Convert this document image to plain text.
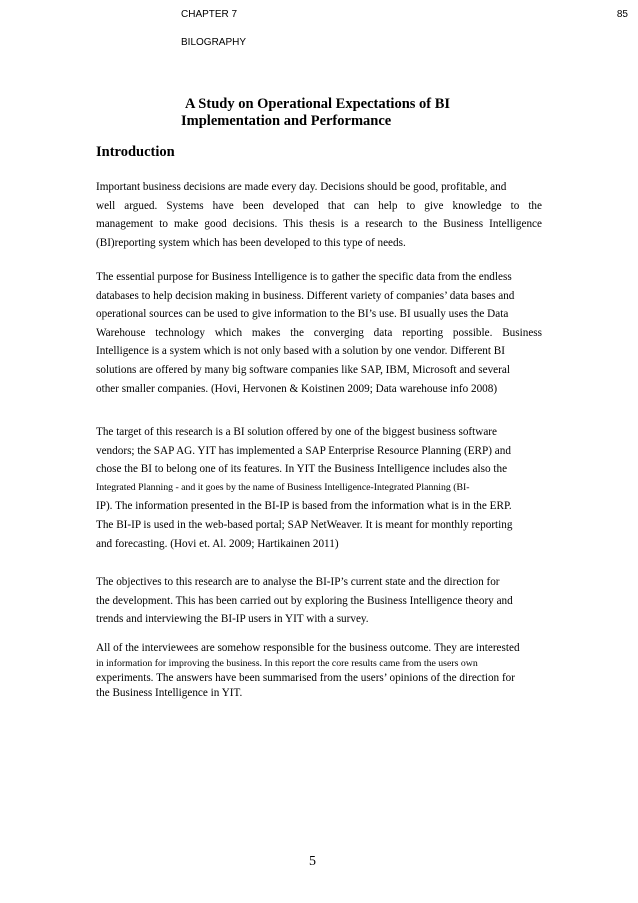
CHAPTER 7	85
BILOGRAPHY
A Study on Operational Expectations of BI
Implementation and Performance
Introduction
Important business decisions are made every day. Decisions should be good, profitable, and
well argued. Systems have been developed that can help to give knowledge to the
management to make good decisions. This thesis is a research to the Business Intelligence
(BI)reporting system which has been developed to this type of needs.
The essential purpose for Business Intelligence is to gather the specific data from the endless
databases to help decision making in business. Different variety of companies’ data bases and
operational sources can be used to give information to the BI’s use. BI usually uses the Data
Warehouse technology which makes the converging data reporting possible. Business
Intelligence is a system which is not only based with a solution by one vendor. Different BI
solutions are offered by many big software companies like SAP, IBM, Microsoft and several
other smaller companies. (Hovi, Hervonen & Koistinen 2009; Data warehouse info 2008)
The target of this research is a BI solution offered by one of the biggest business software
vendors; the SAP AG. YIT has implemented a SAP Enterprise Resource Planning (ERP) and
chose the BI to belong one of its features. In YIT the Business Intelligence includes also the
Integrated Planning - and it goes by the name of Business Intelligence-Integrated Planning (BI-
IP). The information presented in the BI-IP is based from the information what is in the ERP.
The BI-IP is used in the web-based portal; SAP NetWeaver. It is meant for monthly reporting
and forecasting. (Hovi et. Al. 2009; Hartikainen 2011)
The objectives to this research are to analyse the BI-IP’s current state and the direction for
the development. This has been carried out by exploring the Business Intelligence theory and
trends and interviewing the BI-IP users in YIT with a survey.
All of the interviewees are somehow responsible for the business outcome. They are interested
in information for improving the business. In this report the core results came from the users own
experiments. The answers have been summarised from the users’ opinions of the direction for
the Business Intelligence in YIT.
5
